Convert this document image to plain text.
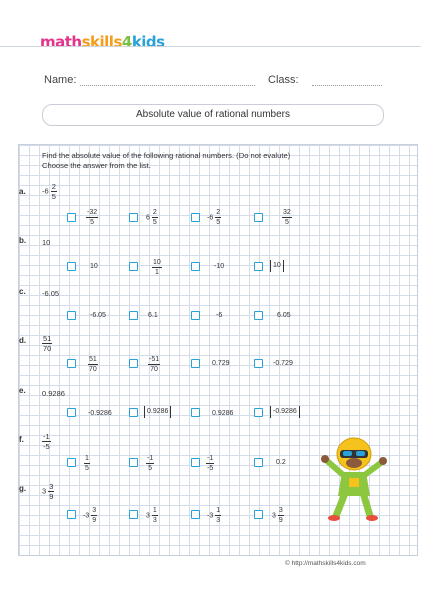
mathskills4kids
Name:	Class:
Absolute value of rational numbers
Find the absolute value of the following rational numbers. (Do not evalute)
Choose the answer from the list.
a. $-6 \frac{2}{5}$
$\frac{-32}{5}$	$6 \frac{2}{5}$	$-6 \frac{2}{5}$	$\frac{32}{5}$
b. 10
10	$\frac{10}{1}$	-10	10
c. -6.05
-6.05	6.1	-6	6.05
d. $\frac{51}{70}$
$\frac{51}{70}$	$\frac{-51}{70}$	0.729	-0.729
e. 0.9286
-0.9286	0.9286	0.9286	-0.9286
f. $\frac{-1}{-5}$
$\frac{1}{5}$	$\frac{-1}{5}$	$\frac{-1}{-5}$	0.2
g. $3 \frac{3}{9}$
$-3 \frac{3}{9}$	$3 \frac{1}{3}$	$-3 \frac{1}{3}$	$3 \frac{3}{9}$
© http://mathskills4kids.com
